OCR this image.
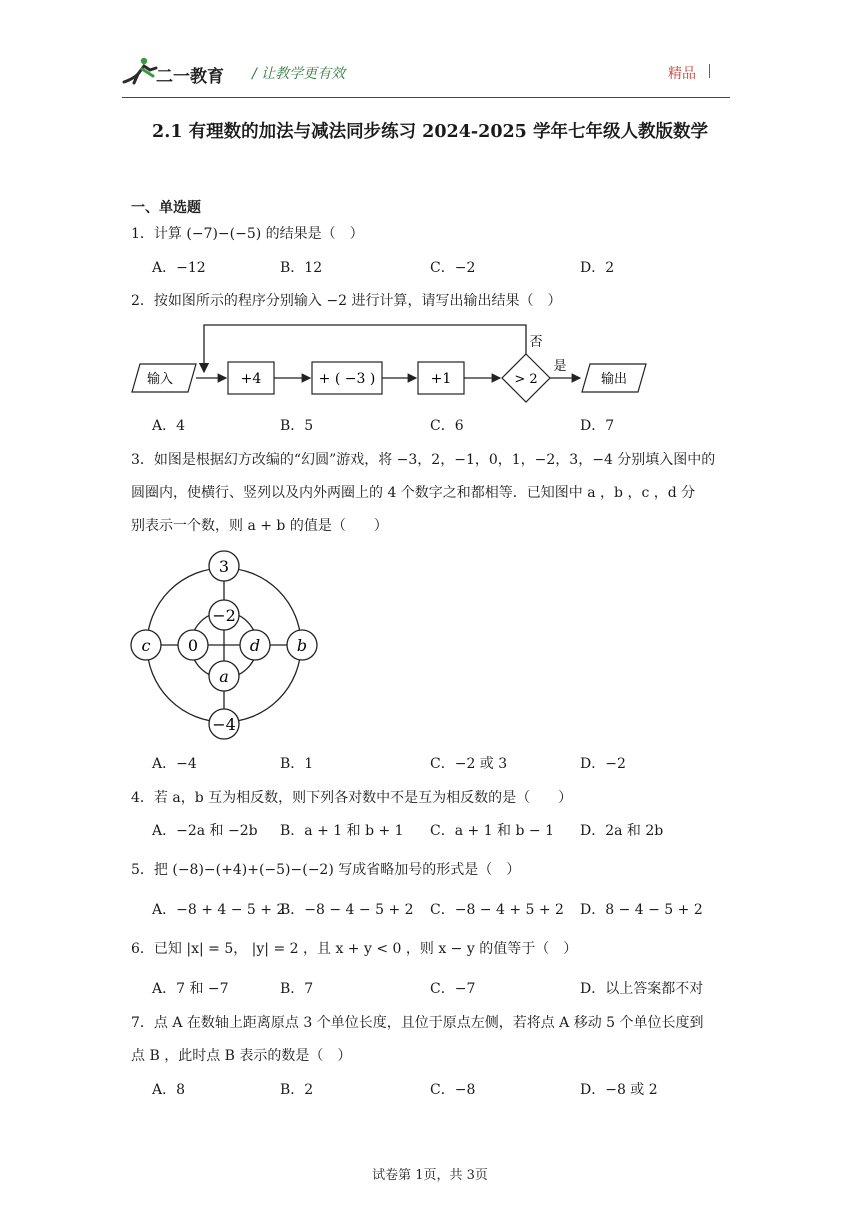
二一教育 / 让教学更有效	精品
2.1 有理数的加法与减法同步练习 2024-2025 学年七年级人教版数学
一、单选题
1．计算 (−7)−(−5) 的结果是（　）
A．−12	B．12	C．−2	D．2
2．按如图所示的程序分别输入 −2 进行计算，请写出输出结果（　）
输入	+4	+ ( −3 )	+1	> 2
否
是
输出
A．4	B．5	C．6	D．7
3．如图是根据幻方改编的“幻圆”游戏，将 −3，2，−1，0，1，−2，3，−4 分别填入图中的
圆圈内，使横行、竖列以及内外两圈上的 4 个数字之和都相等．已知图中 a ，b ，c ，d 分
别表示一个数，则 a + b 的值是（　　）
3
−2
c 0	d b
a
−4
A．−4	B．1	C．−2 或 3	D．−2
4．若 a，b 互为相反数，则下列各对数中不是互为相反数的是（　　）
A．−2a 和 −2b B．a + 1 和 b + 1 C．a + 1 和 b − 1 D．2a 和 2b
5．把 (−8)−(+4)+(−5)−(−2) 写成省略加号的形式是（　）
A．−8 + 4 − 5 + 2
B．−8 − 4 − 5 + 2 C．−8 − 4 + 5 + 2 D．8 − 4 − 5 + 2
6．已知 |x| = 5， |y| = 2 ，且 x + y < 0 ，则 x − y 的值等于（　）
A．7 和 −7	B．7	C．−7	D．以上答案都不对
7．点 A 在数轴上距离原点 3 个单位长度，且位于原点左侧，若将点 A 移动 5 个单位长度到
点 B ，此时点 B 表示的数是（　）
A．8	B．2	C．−8	D．−8 或 2
试卷第 1页，共 3页
